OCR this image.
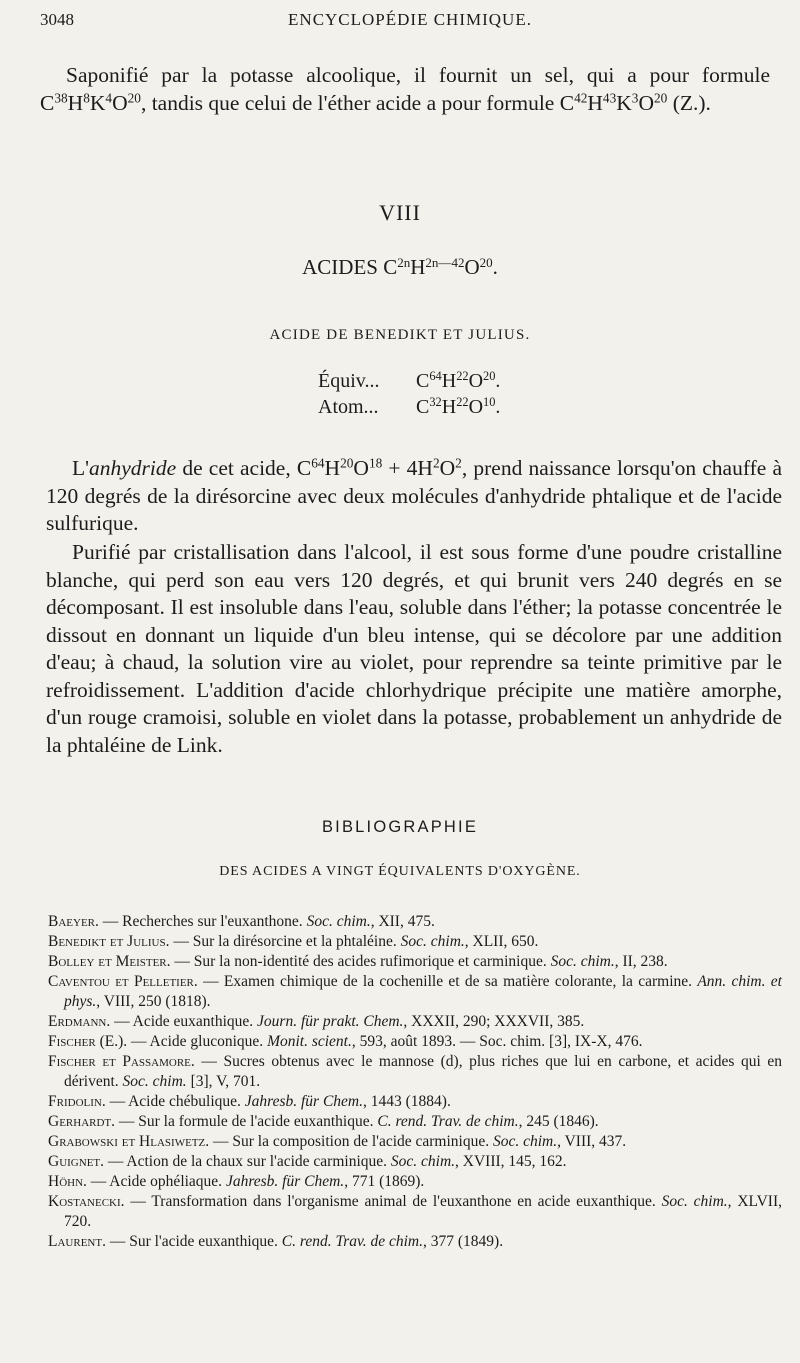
3048	ENCYCLOPÉDIE CHIMIQUE.
Saponifié par la potasse alcoolique, il fournit un sel, qui a pour formule $C^{38}H^8K^4O^{20}$, tandis que celui de l'éther acide a pour formule $C^{42}H^{43}K^3O^{20}$ (Z.).
VIII
ACIDES $C^{2n}H^{2n—42}O^{20}$.
ACIDE DE BENEDIKT ET JULIUS.
Équiv...	$C^{64}H^{22}O^{20}$.
Atom...	$C^{32}H^{22}O^{10}$.
L'anhydride de cet acide, $C^{64}H^{20}O^{18} + 4H^2O^2$, prend naissance lorsqu'on chauffe à 120 degrés de la dirésorcine avec deux molécules d'anhydride phtalique et de l'acide sulfurique.
Purifié par cristallisation dans l'alcool, il est sous forme d'une poudre cristalline blanche, qui perd son eau vers 120 degrés, et qui brunit vers 240 degrés en se décomposant. Il est insoluble dans l'eau, soluble dans l'éther; la potasse concentrée le dissout en donnant un liquide d'un bleu intense, qui se décolore par une addition d'eau; à chaud, la solution vire au violet, pour reprendre sa teinte primitive par le refroidissement. L'addition d'acide chlorhydrique précipite une matière amorphe, d'un rouge cramoisi, soluble en violet dans la potasse, probablement un anhydride de la phtaléine de Link.
BIBLIOGRAPHIE
DES ACIDES A VINGT ÉQUIVALENTS D'OXYGÈNE.

Baeyer. — Recherches sur l'euxanthone. Soc. chim., XII, 475.

Benedikt et Julius. — Sur la dirésorcine et la phtaléine. Soc. chim., XLII, 650.

Bolley et Meister. — Sur la non-identité des acides rufimorique et carminique. Soc. chim., II, 238.

Caventou et Pelletier. — Examen chimique de la cochenille et de sa matière colorante, la carmine. Ann. chim. et phys., VIII, 250 (1818).

Erdmann. — Acide euxanthique. Journ. für prakt. Chem., XXXII, 290; XXXVII, 385.

Fischer (E.). — Acide gluconique. Monit. scient., 593, août 1893. — Soc. chim. [3], IX-X, 476.

Fischer et Passamore. — Sucres obtenus avec le mannose (d), plus riches que lui en carbone, et acides qui en dérivent. Soc. chim. [3], V, 701.

Fridolin. — Acide chébulique. Jahresb. für Chem., 1443 (1884).

Gerhardt. — Sur la formule de l'acide euxanthique. C. rend. Trav. de chim., 245 (1846).

Grabowski et Hlasiwetz. — Sur la composition de l'acide carminique. Soc. chim., VIII, 437.

Guignet. — Action de la chaux sur l'acide carminique. Soc. chim., XVIII, 145, 162.

Höhn. — Acide ophéliaque. Jahresb. für Chem., 771 (1869).

Kostanecki. — Transformation dans l'organisme animal de l'euxanthone en acide euxanthique. Soc. chim., XLVII, 720.

Laurent. — Sur l'acide euxanthique. C. rend. Trav. de chim., 377 (1849).
